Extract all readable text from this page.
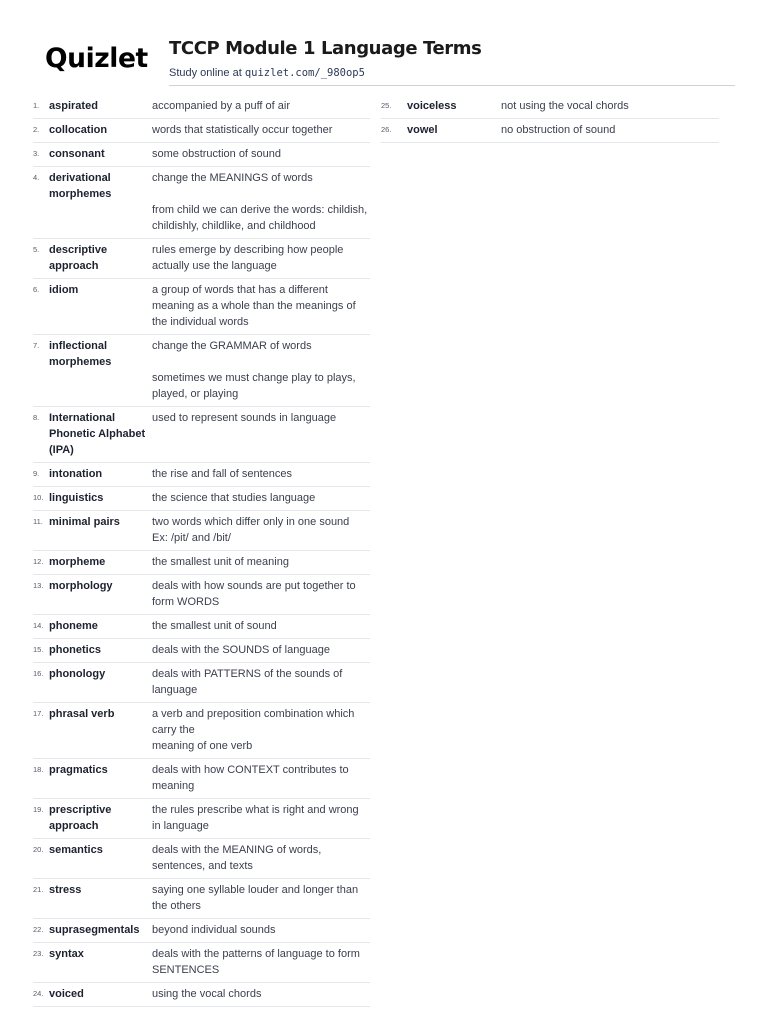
Quizlet TCCP Module 1 Language Terms
Study online at quizlet.com/_980op5
1. aspirated	accompanied by a puff of air
2. collocation	words that statistically occur together
3. consonant	some obstruction of sound
4. derivational morphemes
change the MEANINGS of words

from child we can derive the words: childish, childishly, childlike, and childhood
5. descriptive approach
rules emerge by describing how people actually use the language
6. idiom	a group of words that has a different meaning as a whole than the meanings of the individual words
7. inflectional morphemes
change the GRAMMAR of words

sometimes we must change play to plays, played, or playing
8. International Phonetic Alphabet (IPA)
used to represent sounds in language
9. intonation	the rise and fall of sentences
10. linguistics	the science that studies language
11. minimal pairs	two words which differ only in one sound
Ex: /pit/ and /bit/
12. morpheme	the smallest unit of meaning
13. morphology	deals with how sounds are put together to form WORDS
14. phoneme	the smallest unit of sound
15. phonetics	deals with the SOUNDS of language
16. phonology	deals with PATTERNS of the sounds of language
17. phrasal verb	a verb and preposition combination which carry the
meaning of one verb
18. pragmatics	deals with how CONTEXT contributes to meaning
19. prescriptive approach
the rules prescribe what is right and wrong in language
20. semantics	deals with the MEANING of words, sentences, and texts
21. stress	saying one syllable louder and longer than the others
22. suprasegmentals	beyond individual sounds
23. syntax	deals with the patterns of language to form SENTENCES
24. voiced	using the vocal chords
25.	voiceless	not using the vocal chords
26.	vowel	no obstruction of sound
